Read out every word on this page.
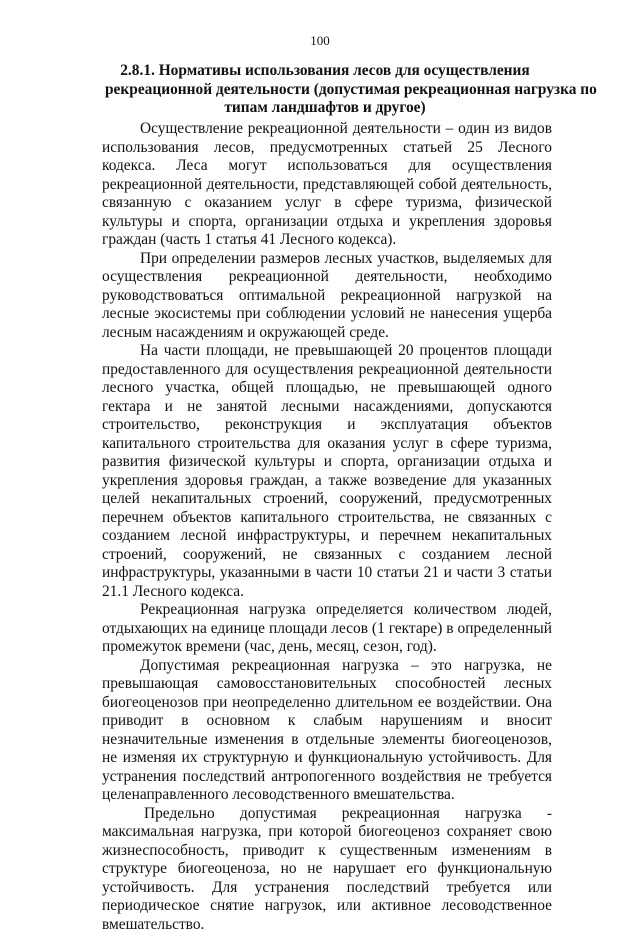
100
2.8.1. Нормативы использования лесов для осуществления
рекреационной деятельности (допустимая рекреационная нагрузка по
типам ландшафтов и другое)

Осуществление рекреационной деятельности – один из видов использования лесов, предусмотренных статьей 25 Лесного кодекса. Леса могут использоваться для осуществления рекреационной деятельности, представляющей собой деятельность, связанную с оказанием услуг в сфере туризма, физической культуры и спорта, организации отдыха и укрепления здоровья граждан (часть 1 статья 41 Лесного кодекса).

При определении размеров лесных участков, выделяемых для осуществления рекреационной деятельности, необходимо руководствоваться оптимальной рекреационной нагрузкой на лесные экосистемы при соблюдении условий не нанесения ущерба лесным насаждениям и окружающей среде.

На части площади, не превышающей 20 процентов площади предоставленного для осуществления рекреационной деятельности лесного участка, общей площадью, не превышающей одного гектара и не занятой лесными насаждениями, допускаются строительство, реконструкция и эксплуатация объектов капитального строительства для оказания услуг в сфере туризма, развития физической культуры и спорта, организации отдыха и укрепления здоровья граждан, а также возведение для указанных целей некапитальных строений, сооружений, предусмотренных перечнем объектов капитального строительства, не связанных с созданием лесной инфраструктуры, и перечнем некапитальных строений, сооружений, не связанных с созданием лесной инфраструктуры, указанными в части 10 статьи 21 и части 3 статьи 21.1 Лесного кодекса.

Рекреационная нагрузка определяется количеством людей, отдыхающих на единице площади лесов (1 гектаре) в определенный промежуток времени (час, день, месяц, сезон, год).

Допустимая рекреационная нагрузка – это нагрузка, не превышающая самовосстановительных способностей лесных биогеоценозов при неопределенно длительном ее воздействии. Она приводит в основном к слабым нарушениям и вносит незначительные изменения в отдельные элементы биогеоценозов, не изменяя их структурную и функциональную устойчивость. Для устранения последствий антропогенного воздействия не требуется целенаправленного лесоводственного вмешательства.

Предельно допустимая рекреационная нагрузка - максимальная нагрузка, при которой биогеоценоз сохраняет свою жизнеспособность, приводит к существенным изменениям в структуре биогеоценоза, но не нарушает его функциональную устойчивость. Для устранения последствий требуется или периодическое снятие нагрузок, или активное лесоводственное вмешательство.
